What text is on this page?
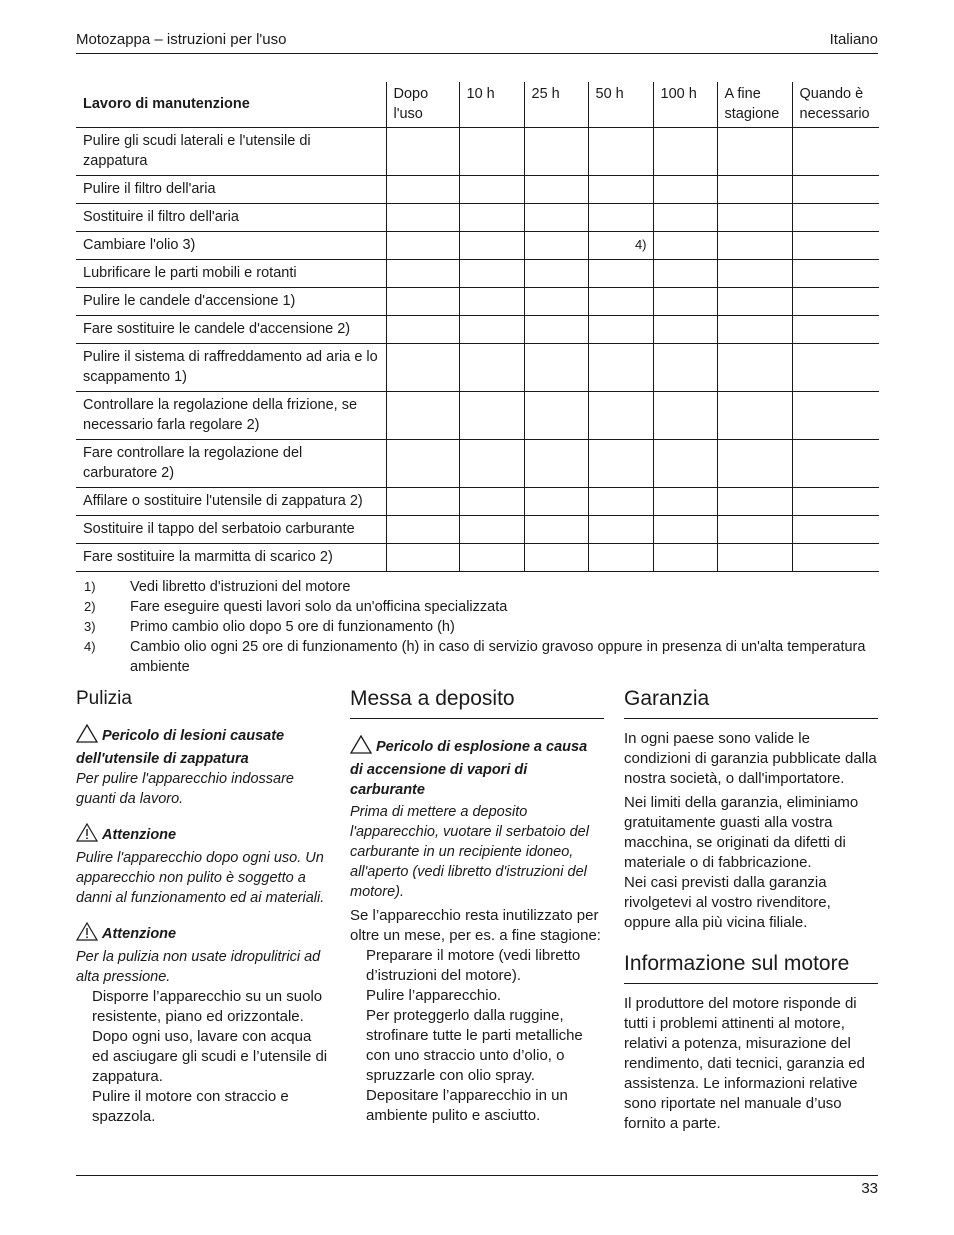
Motozappa – istruzioni per l'uso	Italiano
Lavoro di manutenzione	Dopo l'uso	10 h	25 h	50 h	100 h	A fine stagione	Quando è necessario
Pulire gli scudi laterali e l'utensile di zappatura							
Pulire il filtro dell'aria							
Sostituire il filtro dell'aria							
Cambiare l'olio 3)				4)			
Lubrificare le parti mobili e rotanti							
Pulire le candele d'accensione 1)							
Fare sostituire le candele d'accensione 2)							
Pulire il sistema di raffreddamento ad aria e lo scappamento 1)							
Controllare la regolazione della frizione, se necessario farla regolare 2)							
Fare controllare la regolazione del carburatore 2)							
Affilare o sostituire l'utensile di zappatura 2)							
Sostituire il tappo del serbatoio carburante							
Fare sostituire la marmitta di scarico 2)							
1) Vedi libretto d'istruzioni del motore
2) Fare eseguire questi lavori solo da un'officina specializzata
3) Primo cambio olio dopo 5 ore di funzionamento (h)
4) Cambio olio ogni 25 ore di funzionamento (h) in caso di servizio gravoso oppure in presenza di un'alta temperatura ambiente
Pulizia
Pericolo di lesioni causate dell'utensile di zappatura

Per pulire l'apparecchio indossare guanti da lavoro.

Attenzione

Pulire l'apparecchio dopo ogni uso. Un apparecchio non pulito è soggetto a danni al funzionamento ed ai materiali.

Attenzione

Per la pulizia non usate idropulitrici ad alta pressione.

Disporre l’apparecchio su un suolo resistente, piano ed orizzontale.

Dopo ogni uso, lavare con acqua ed asciugare gli scudi e l’utensile di zappatura.

Pulire il motore con straccio e spazzola.

Messa a deposito
Pericolo di esplosione a causa di accensione di vapori di carburante

Prima di mettere a deposito l'apparecchio, vuotare il serbatoio del carburante in un recipiente idoneo, all'aperto (vedi libretto d'istruzioni del motore).

Se l’apparecchio resta inutilizzato per oltre un mese, per es. a fine stagione:

Preparare il motore (vedi libretto d’istruzioni del motore).

Pulire l’apparecchio.

Per proteggerlo dalla ruggine, strofinare tutte le parti metalliche con uno straccio unto d’olio, o spruzzarle con olio spray.

Depositare l’apparecchio in un ambiente pulito e asciutto.

Garanzia

In ogni paese sono valide le condizioni di garanzia pubblicate dalla nostra società, o dall'importatore.

Nei limiti della garanzia, eliminiamo gratuitamente guasti alla vostra macchina, se originati da difetti di materiale o di fabbricazione.

Nei casi previsti dalla garanzia rivolgetevi al vostro rivenditore, oppure alla più vicina filiale.

Informazione sul motore

Il produttore del motore risponde di tutti i problemi attinenti al motore, relativi a potenza, misurazione del rendimento, dati tecnici, garanzia ed assistenza. Le informazioni relative sono riportate nel manuale d’uso fornito a parte.

33
